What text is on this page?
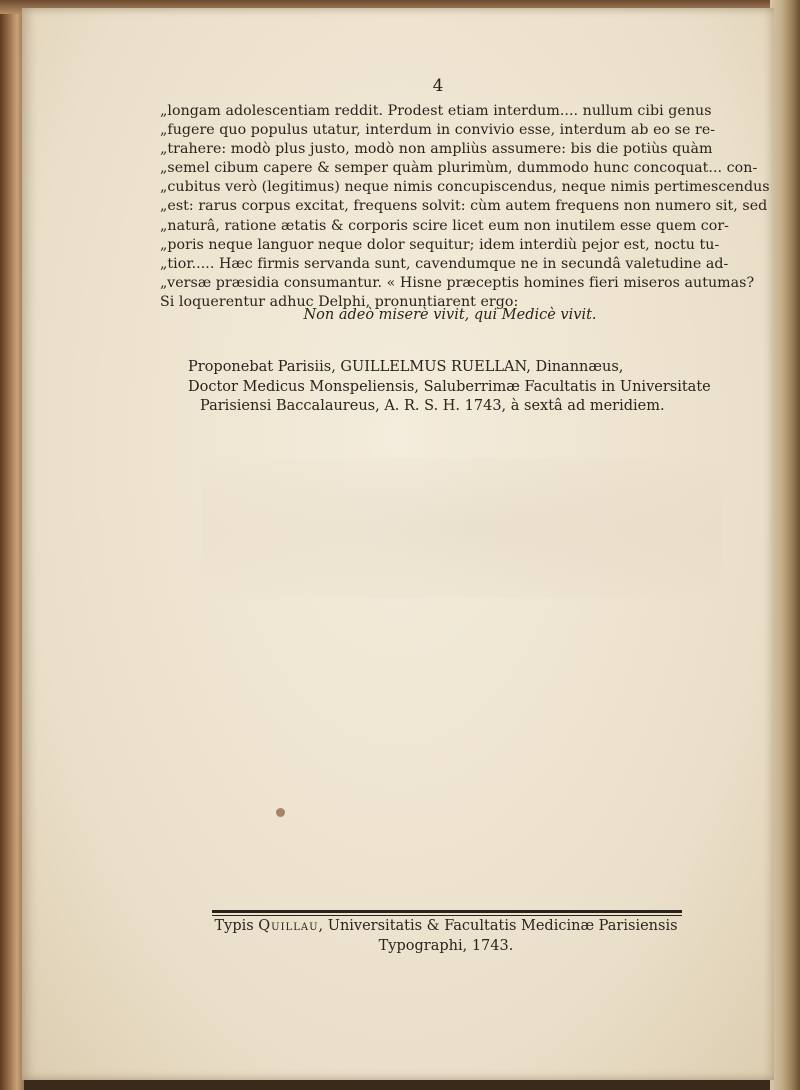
4
„longam adolescentiam reddit. Prodest etiam interdum.... nullum cibi genus
„fugere quo populus utatur, interdum in convivio esse, interdum ab eo se re-
„trahere: modò plus justo, modò non ampliùs assumere: bis die potiùs quàm
„semel cibum capere & semper quàm plurimùm, dummodo hunc concoquat... con-
„cubitus verò (legitimus) neque nimis concupiscendus, neque nimis pertimescendus
„est: rarus corpus excitat, frequens solvit: cùm autem frequens non numero sit, sed
„naturâ, ratione ætatis & corporis scire licet eum non inutilem esse quem cor-
„poris neque languor neque dolor sequitur; idem interdiù pejor est, noctu tu-
„tior..... Hæc firmis servanda sunt, cavendumque ne in secundâ valetudine ad-
„versæ præsidia consumantur. « Hisne præceptis homines fieri miseros autumas?
Si loquerentur adhuc Delphi, pronuntiarent ergo:
Non adeò miserè vivit, qui Medicè vivit.
Proponebat Parisiis, GUILLELMUS RUELLAN, Dinannæus,
Doctor Medicus Monspeliensis, Saluberrimæ Facultatis in Universitate
Parisiensi Baccalaureus, A. R. S. H. 1743, à sextâ ad meridiem.
Typis Quillau, Universitatis & Facultatis Medicinæ Parisiensis
Typographi, 1743.
